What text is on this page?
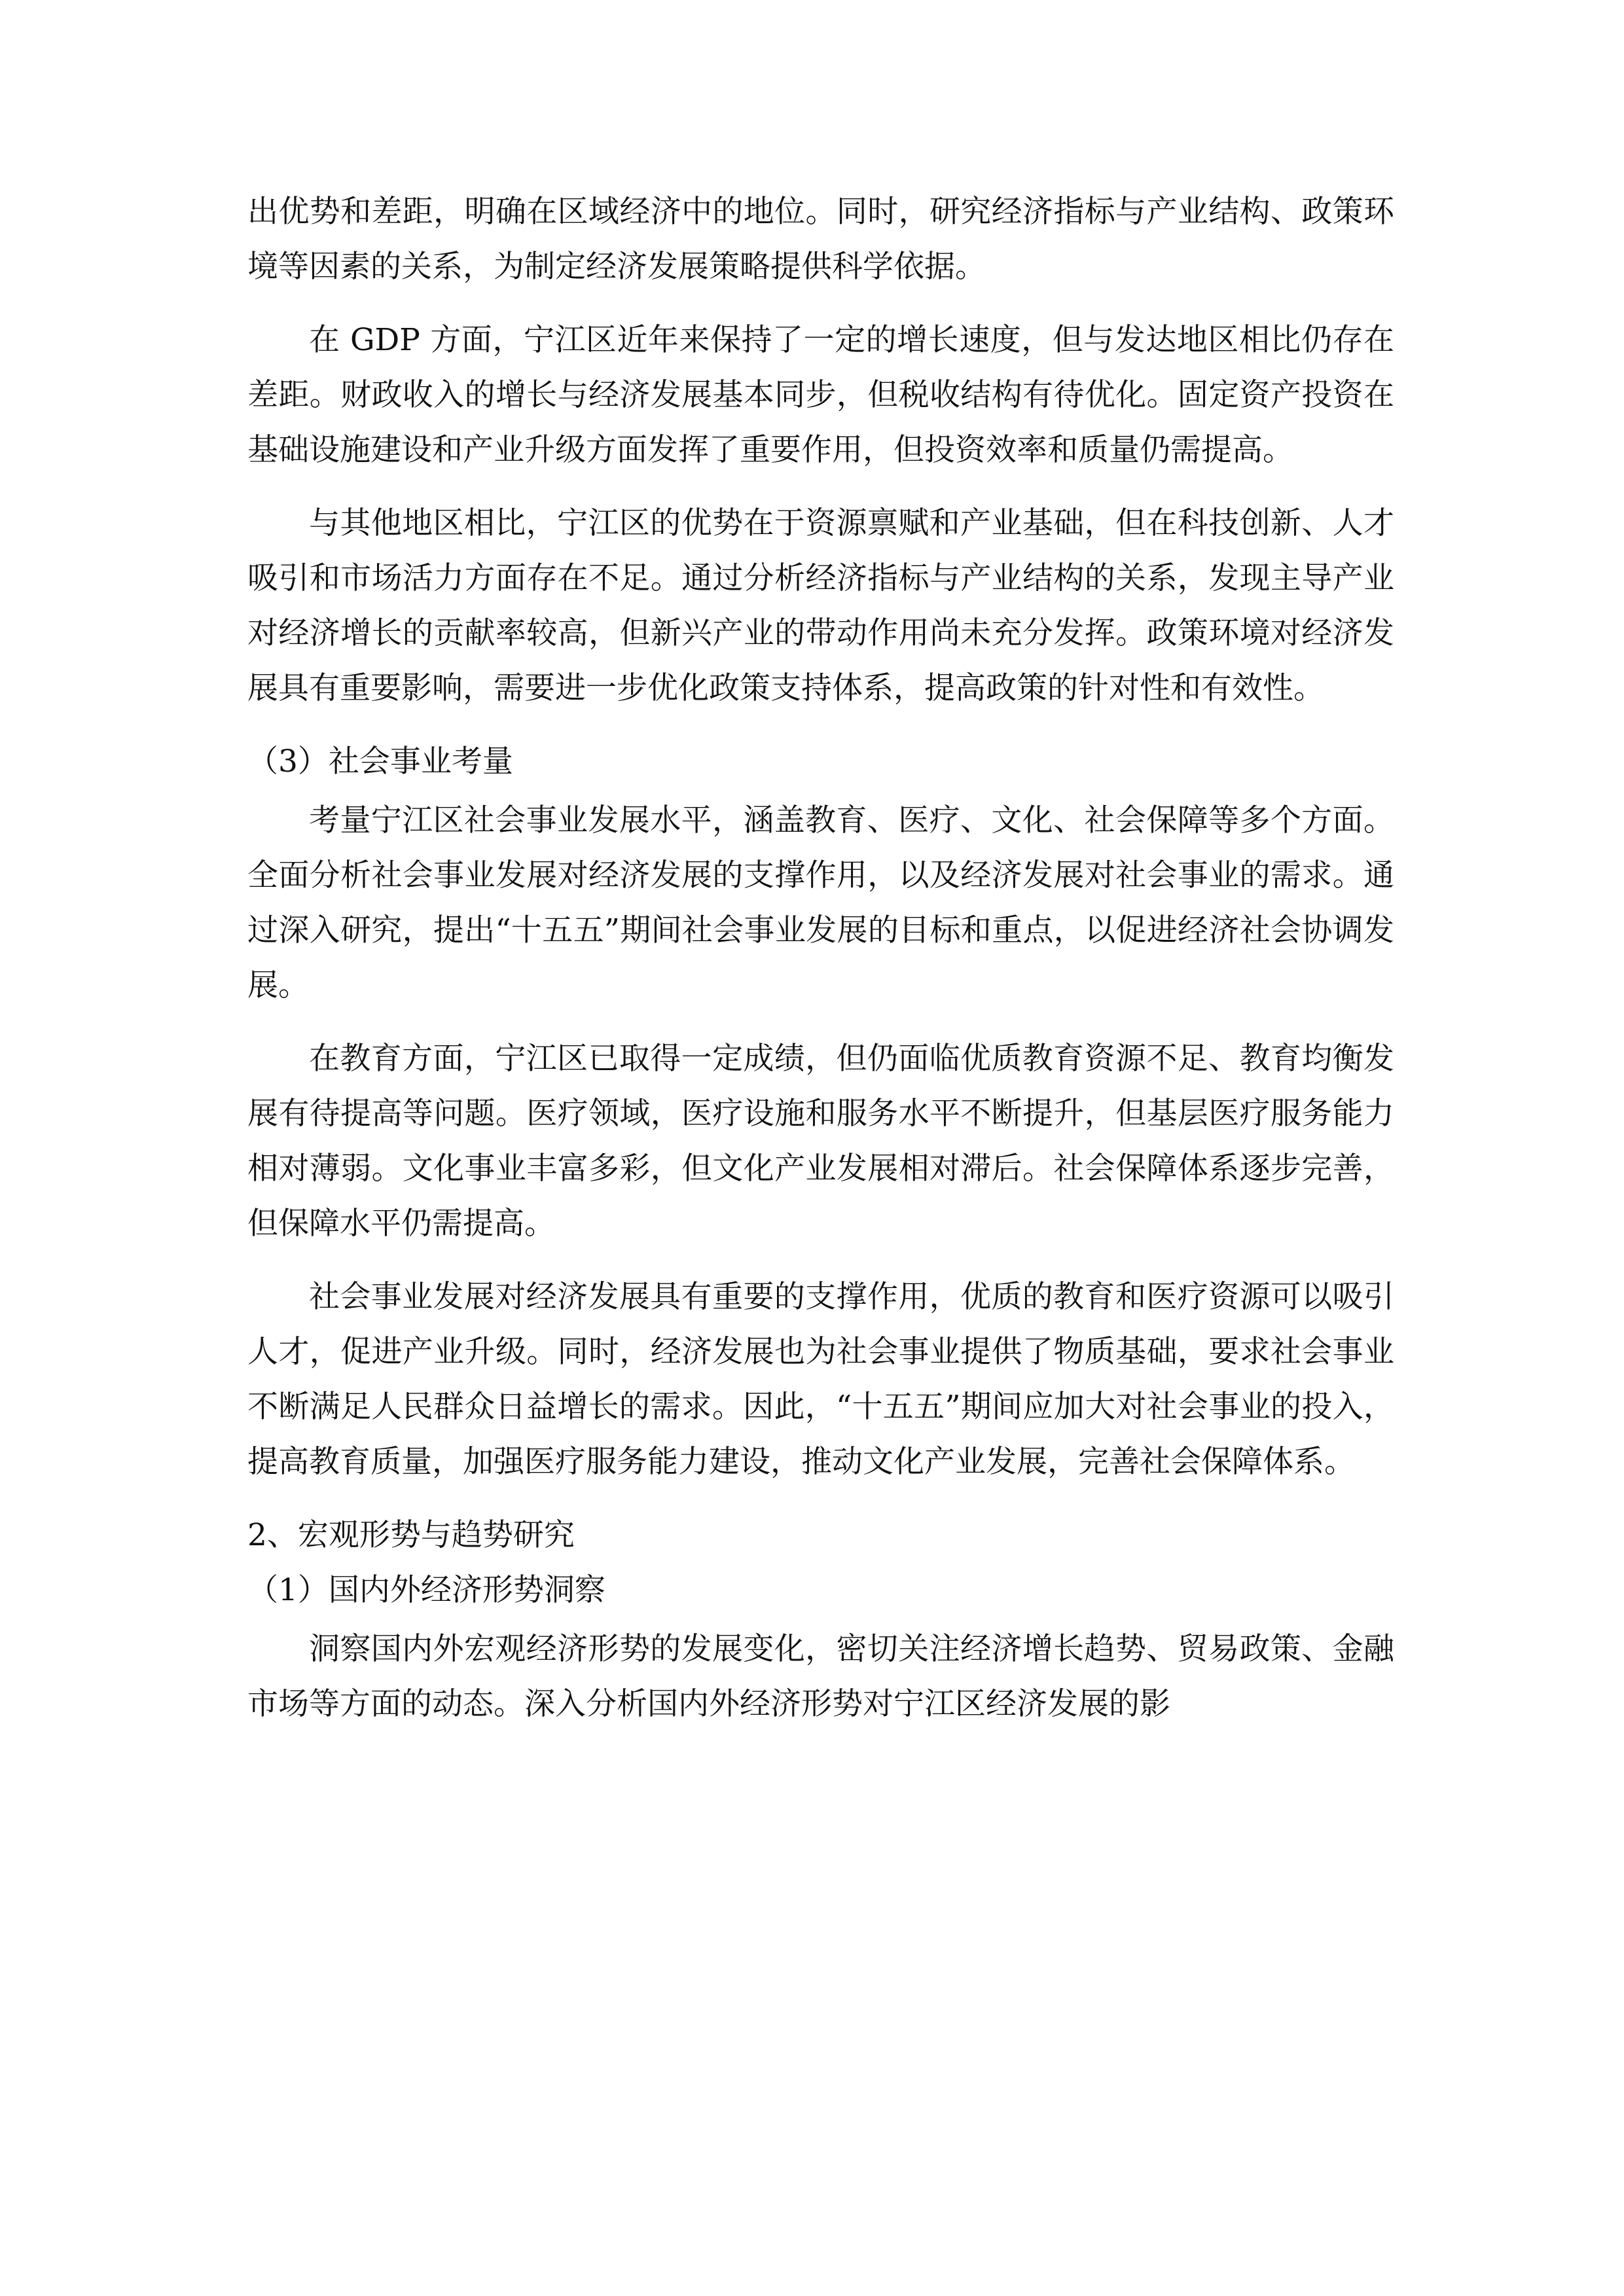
出优势和差距，明确在区域经济中的地位。同时，研究经济指标与产业结构、政策环境等因素的关系，为制定经济发展策略提供科学依据。

在 GDP 方面，宁江区近年来保持了一定的增长速度，但与发达地区相比仍存在差距。财政收入的增长与经济发展基本同步，但税收结构有待优化。固定资产投资在基础设施建设和产业升级方面发挥了重要作用，但投资效率和质量仍需提高。

与其他地区相比，宁江区的优势在于资源禀赋和产业基础，但在科技创新、人才吸引和市场活力方面存在不足。通过分析经济指标与产业结构的关系，发现主导产业对经济增长的贡献率较高，但新兴产业的带动作用尚未充分发挥。政策环境对经济发展具有重要影响，需要进一步优化政策支持体系，提高政策的针对性和有效性。

（3）社会事业考量

考量宁江区社会事业发展水平，涵盖教育、医疗、文化、社会保障等多个方面。全面分析社会事业发展对经济发展的支撑作用，以及经济发展对社会事业的需求。通过深入研究，提出“十五五”期间社会事业发展的目标和重点，以促进经济社会协调发展。

在教育方面，宁江区已取得一定成绩，但仍面临优质教育资源不足、教育均衡发展有待提高等问题。医疗领域，医疗设施和服务水平不断提升，但基层医疗服务能力相对薄弱。文化事业丰富多彩，但文化产业发展相对滞后。社会保障体系逐步完善，但保障水平仍需提高。

社会事业发展对经济发展具有重要的支撑作用，优质的教育和医疗资源可以吸引人才，促进产业升级。同时，经济发展也为社会事业提供了物质基础，要求社会事业不断满足人民群众日益增长的需求。因此，“十五五”期间应加大对社会事业的投入，提高教育质量，加强医疗服务能力建设，推动文化产业发展，完善社会保障体系。

2、宏观形势与趋势研究

（1）国内外经济形势洞察

洞察国内外宏观经济形势的发展变化，密切关注经济增长趋势、贸易政策、金融市场等方面的动态。深入分析国内外经济形势对宁江区经济发展的影
